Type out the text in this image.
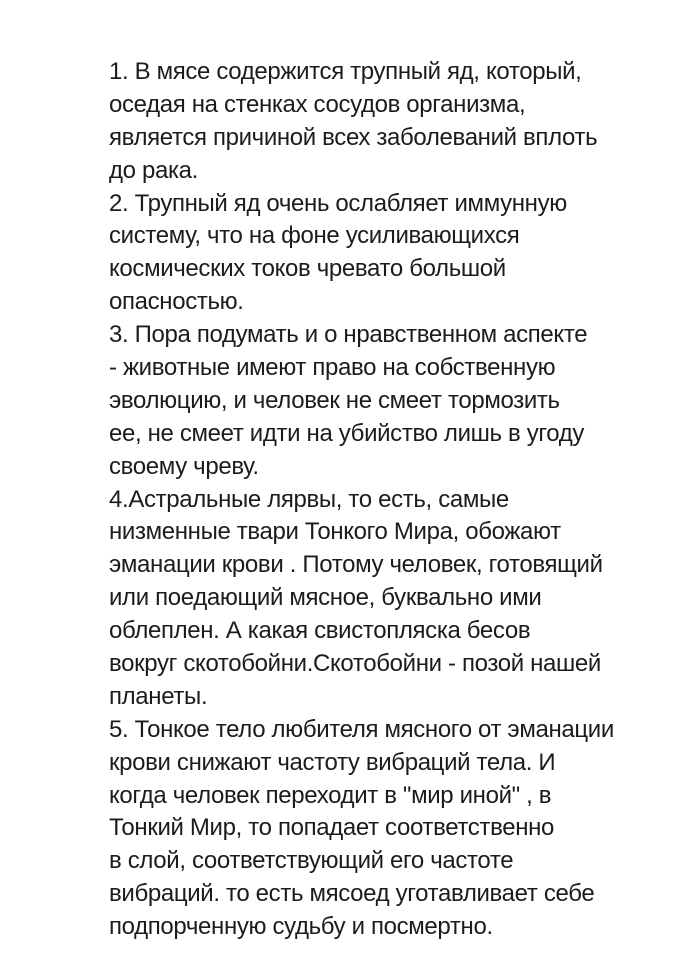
1. В мясе содержится трупный яд, который,
оседая на стенках сосудов организма,
является причиной всех заболеваний вплоть
до рака.
2. Трупный яд очень ослабляет иммунную
систему, что на фоне усиливающихся
космических токов чревато большой
опасностью.
3. Пора подумать и о нравственном аспекте
- животные имеют право на собственную
эволюцию, и человек не смеет тормозить
ее, не смеет идти на убийство лишь в угоду
своему чреву.
4.Астральные лярвы, то есть, самые
низменные твари Тонкого Мира, обожают
эманации крови . Потому человек, готовящий
или поедающий мясное, буквально ими
облеплен. А какая свистопляска бесов
вокруг скотобойни.Скотобойни - позой нашей
планеты.
5. Тонкое тело любителя мясного от эманации
крови снижают частоту вибраций тела. И
когда человек переходит в "мир иной" , в
Тонкий Мир, то попадает соответственно
в слой, соответствующий его частоте
вибраций. то есть мясоед уготавливает себе
подпорченную судьбу и посмертно.
